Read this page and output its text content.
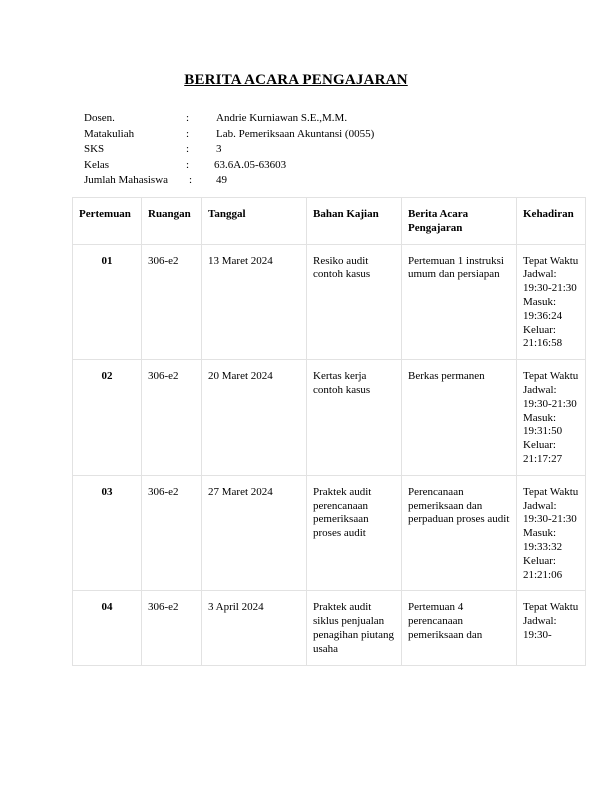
BERITA ACARA PENGAJARAN
Dosen.	: Andrie Kurniawan S.E.,M.M.
Matakuliah	: Lab. Pemeriksaan Akuntansi (0055)
SKS	: 3
Kelas	: 63.6A.05-63603
Jumlah Mahasiswa : 49
Pertemuan	Ruangan	Tanggal	Bahan Kajian	Berita Acara Pengajaran	Kehadiran
01	306-e2	13 Maret 2024	Resiko audit contoh kasus	Pertemuan 1 instruksi umum dan persiapan	Tepat Waktu Jadwal: 19:30-21:30 Masuk: 19:36:24 Keluar: 21:16:58
02	306-e2	20 Maret 2024	Kertas kerja contoh kasus	Berkas permanen	Tepat Waktu Jadwal: 19:30-21:30 Masuk: 19:31:50 Keluar: 21:17:27
03	306-e2	27 Maret 2024	Praktek audit perencanaan pemeriksaan proses audit	Perencanaan pemeriksaan dan perpaduan proses audit	Tepat Waktu Jadwal: 19:30-21:30 Masuk: 19:33:32 Keluar: 21:21:06
04	306-e2	3 April 2024	Praktek audit siklus penjualan penagihan piutang usaha	Pertemuan 4 perencanaan pemeriksaan dan	Tepat Waktu Jadwal: 19:30-
